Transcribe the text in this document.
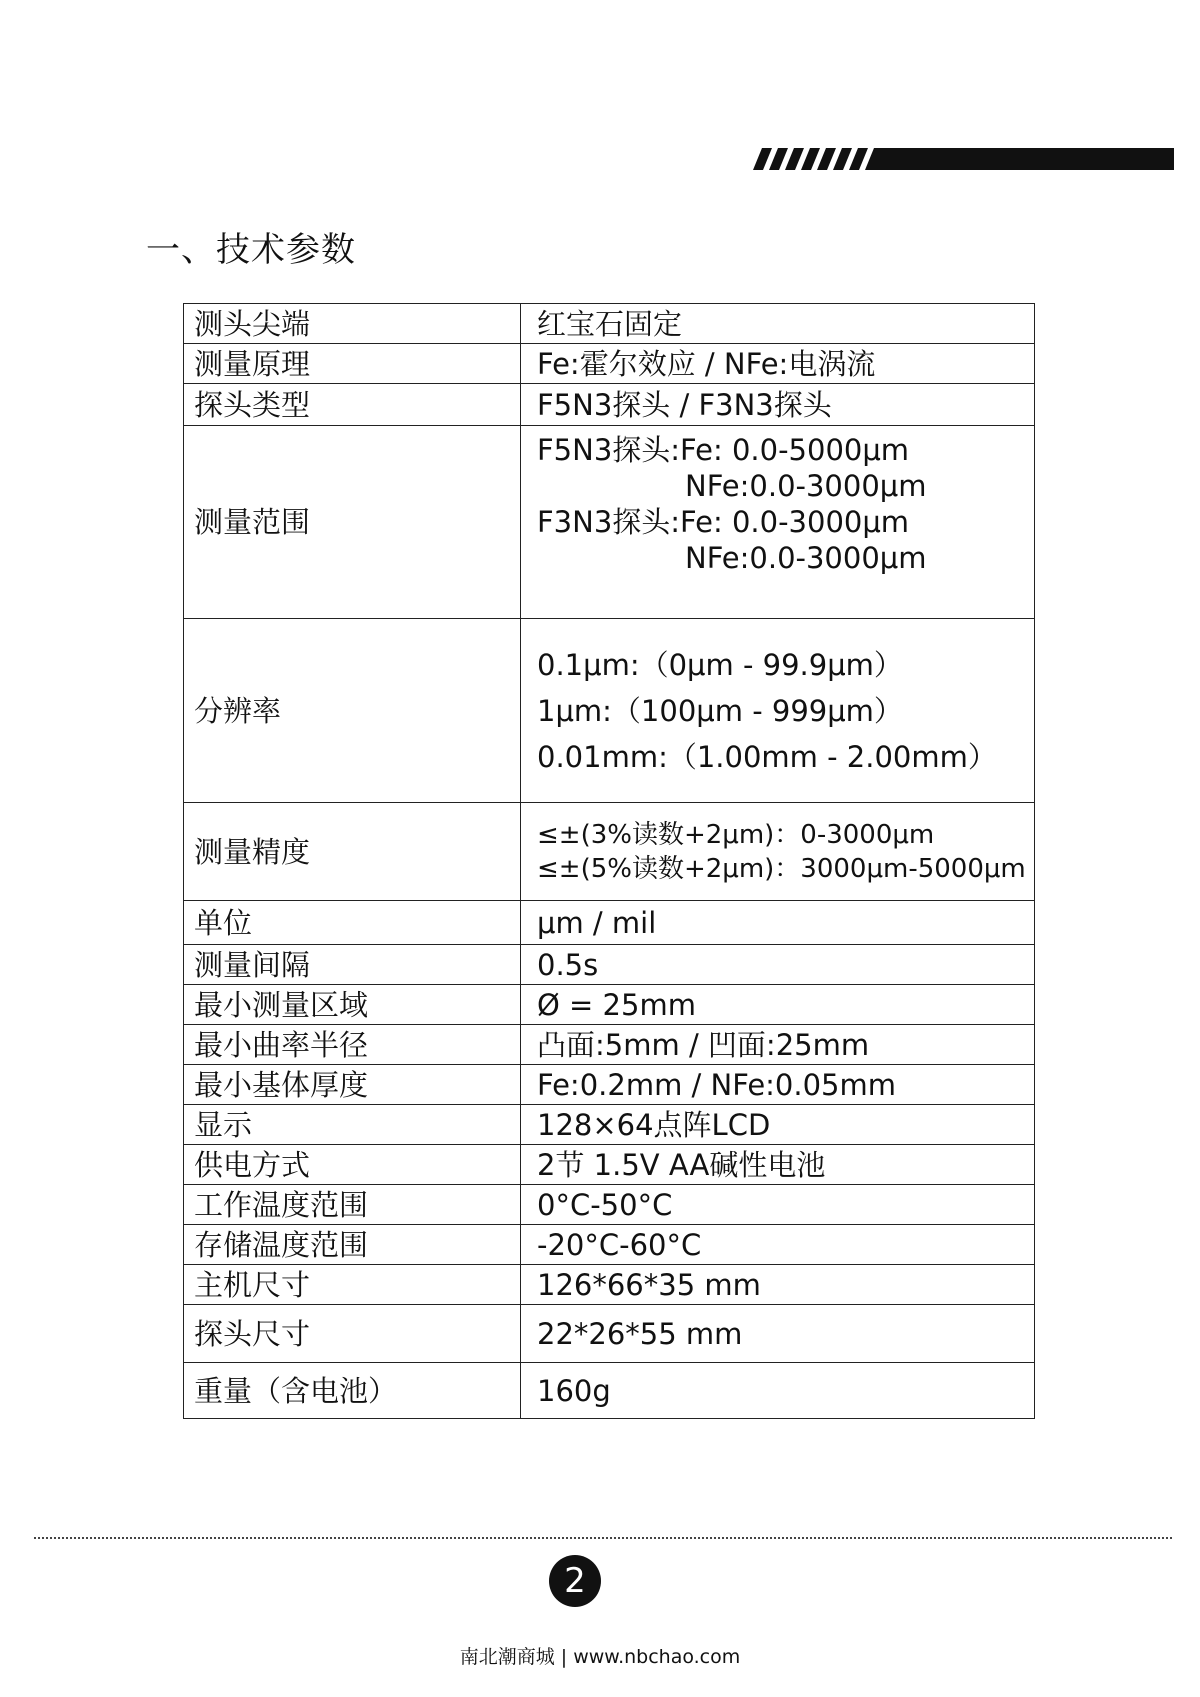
一、技术参数
测头尖端	红宝石固定
测量原理	Fe:霍尔效应 / NFe:电涡流
探头类型	F5N3探头 / F3N3探头
测量范围	F5N3探头:Fe: 0.0-5000μm
NFe:0.0-3000μm
F3N3探头:Fe: 0.0-3000μm
NFe:0.0-3000μm

分辨率	0.1μm:（0μm - 99.9μm）
1μm:（100μm - 999μm）
0.01mm:（1.00mm - 2.00mm）

测量精度	≤±(3%读数+2μm)：0-3000μm
≤±(5%读数+2μm)：3000μm-5000μm

单位	μm / mil
测量间隔	0.5s
最小测量区域	Ø = 25mm
最小曲率半径	凸面:5mm / 凹面:25mm
最小基体厚度	Fe:0.2mm / NFe:0.05mm
显示	128×64点阵LCD
供电方式	2节 1.5V AA碱性电池
工作温度范围	0°C-50°C
存储温度范围	-20°C-60°C
主机尺寸	126*66*35 mm
探头尺寸	22*26*55 mm
重量（含电池）	160g
2
南北潮商城 | www.nbchao.com
